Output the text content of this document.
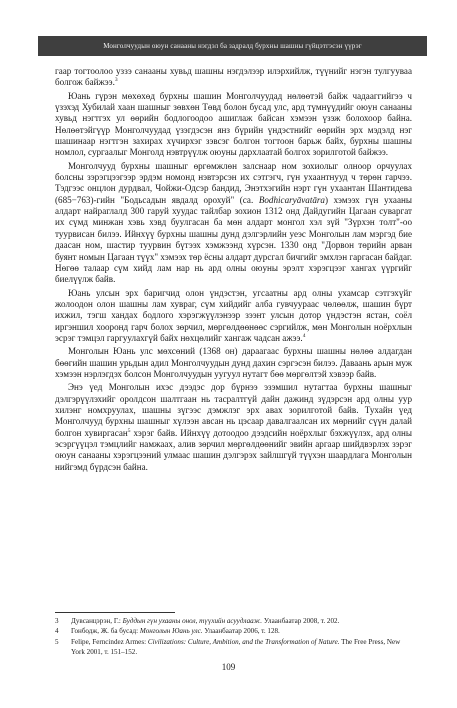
Монголчуудын оюун санааны нэгдэл ба задралд бурхны шашны гүйцэтгэсэн үүрэг

гаар тогтоолоо уззэ санааны хувьд шашны нэгдэлээр илэрхийлж, түүнийг нэгэн тулгууваа болгож байжээ.$^3$

Юань гүрэн мөхөхөд бурхны шашин Монголчуудад нөлөөтэй байж чадааггийгээ ч үзэхэд Хубилай хаан шашныг зөвхөн Төвд болон бусад улс, ард түмнүүдийг оюун санааны хувьд нэгтгэх ул өөрийн бодлогоодоо ашиглаж байсан хэмээн үзэж болохоор байна. Нөлөөтэйгүүр Монголчуудад үзэгдэсэн янз бүрийн үндэстнийг өөрийн эрх мэдэлд нэг шашинаар нэгтгэн захирах хүчирхэг зэвсэг болгон тогтоон барьж байх, бурхны шашны номлол, сургаалыг Монголд нэвтрүүлж оюуны дархлаатай болгох зорилготой байжээ.

Монголчууд бурхны шашныг өргөмжлөн залснаар ном зохиолыг олноор орчуулах болсны зэрэгцээгээр эрдэм номонд нэвтэрсэн их сэтгэгч, гүн ухаантнууд ч төрөн гарчээ. Тэдгээс онцлон дурдвал, Чойжи-Одсэр бандид, Энэтхэгийн нэрт гүн ухаантан Шантидева (685−763)-гийн "Бодьсадын явдалд орохуй" (са. Bodhicaryāvatāra) хэмээх гүн ухааны алдарт найраглалд 300 гаруй хуудас тайлбар зохион 1312 онд Дайдугийн Цагаан суваргат их сүмд минжан хэвь хэвд буулгасан ба мөн алдарт монгол хэл зүй "Зүрхэн толт"-оо туурвисан билээ. Ийнхүү бурхны шашны дунд дэлгэрлийн уеэс Монголын лам мэргэд бие даасан ном, шастир туурвин бүтээх хэмжээнд хүрсэн. 1330 онд "Дорвон төрийн арван буянт номын Цагаан түүх" хэмээх төр ёсны алдарт дурсгал бичгийг эмхлэн гаргасан байдаг. Нөгөө талаар сүм хийд лам нар нь ард олны оюуны эрэлт хэрэгцээг хангах үүргийг биелүүлж байв.

Юань улсын эрх баригчид олон үндэстэн, угсаатны ард олны ухамсар сэтгэхүйг жолоодон олон шашны лам хувраг, сүм хийдийг алба гувчуураас чөлөөлж, шашин бүрт ихжил, тэгш хандах бодлого хэрэгжүүлэнээр зээнт улсын дотор үндэстэн ястан, соёл иргэншил хооронд гарч болох зөрчил, мөргөлдөөнөөс сэргийлж, мөн Монголын ноёрхлын эсрэг тэмцэл гаргуулахгүй байх нөхцөлийг хангаж чадсан ажээ.$^4$

Монголын Юань улс мөхсөний (1368 он) дараагаас бурхны шашны нөлөө алдагдан бөөгийн шашин урьдын адил Монголчуудын дунд дахин сэргэсэн билээ. Даваань арын муж хэмээн нэрлэгдэх болсон Монголчуудын уугуул нутагт бөө мөргөлтэй хэвээр байв.

Энэ үед Монголын ихэс дээдэс дор бүрнээ эзэмшил нутагтаа бурхны шашныг дэлгэрүүлэхийг оролдсон шалтгаан нь тасралтгүй дайн дажинд зүдэрсэн ард олны уур хилэнг номхруулах, шашны зүгээс дэмжлэг эрх авах зорилготой байв. Тухайн үед Монголчууд бурхны шашныг хүлээн авсан нь цэсаар давалгаалсан их мөрнийг сүүн далай болгон хувиргасан$^5$ хэрэг байв. Ийнхүү дотоодоо дээдсийн ноёрхлыг бэхжүүлэх, ард олны эсэргүүцэл тэмцлийг намжаах, алив зөрчил мөргөлдөөнийг эвийн аргаар шийдвэрлэх зэрэг оюун санааны хэрэгцээний улмаас шашин дэлгэрэх зайлшгүй түүхэн шаардлага Монголын нийгэмд бүрдсэн байна.

3	Дувсанцэрэн, Г.: Буддын гүн ухааны онол, түүхийн асуудлааж. Улаанбаатар 2008, т. 202.
4	Гонбодж, Ж. ба бусад: Монголын Юань улс. Улаанбаатар 2006, т. 128.
5	Felipe, Fernсindez Armes: Civilizations: Culture, Ambition, and the Transformation of Nature. The Free Press, New York 2001, т. 151–152.
109
